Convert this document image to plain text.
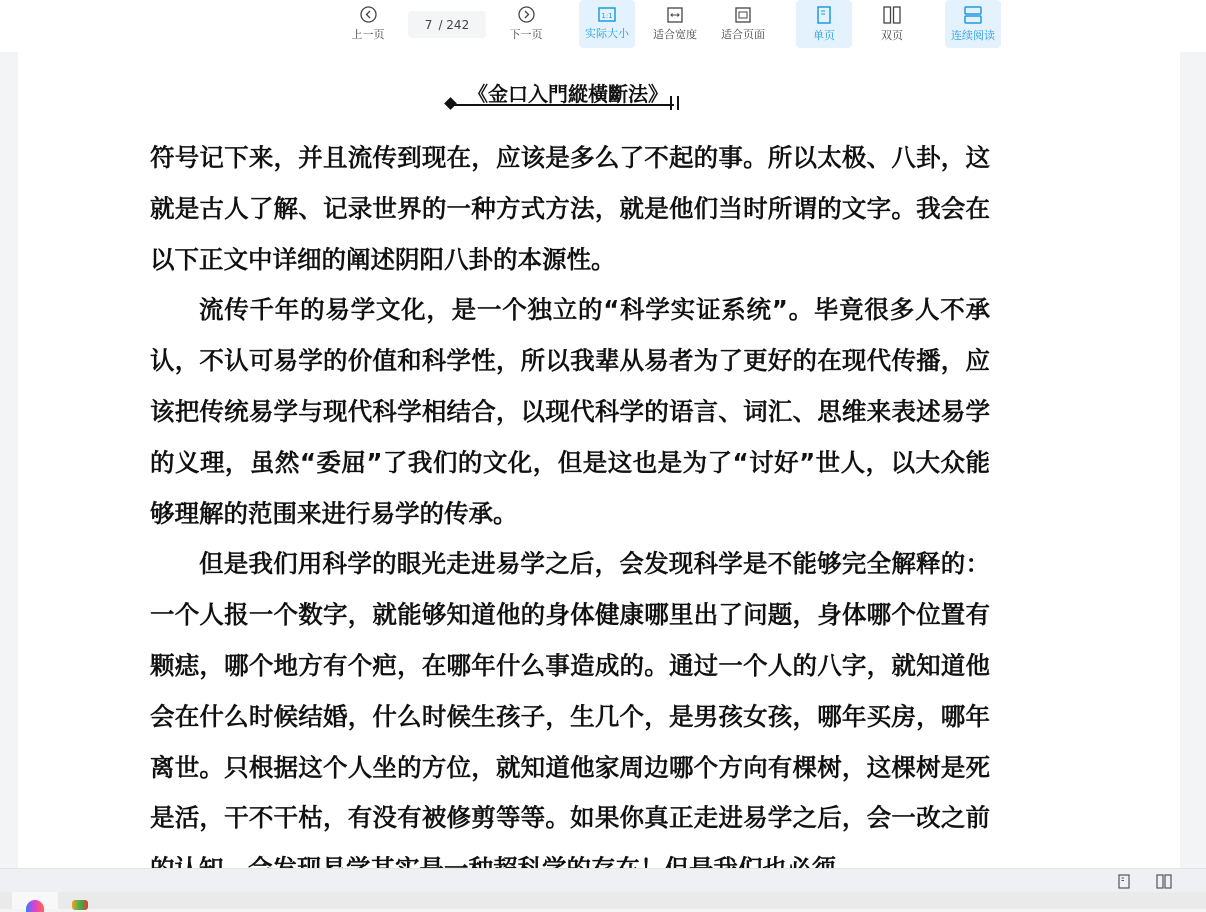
上一页
7 / 242
下一页
1:1
实际大小 适合宽度 适合页面	单页	双页	连续阅读
《金口入門縱橫斷法》

符号记下来，并且流传到现在，应该是多么了不起的事。所以太极、八卦，这就是古人了解、记录世界的一种方式方法，就是他们当时所谓的文字。我会在以下正文中详细的阐述阴阳八卦的本源性。

流传千年的易学文化，是一个独立的“科学实证系统”。毕竟很多人不承认，不认可易学的价值和科学性，所以我辈从易者为了更好的在现代传播，应该把传统易学与现代科学相结合，以现代科学的语言、词汇、思维来表述易学的义理，虽然“委屈”了我们的文化，但是这也是为了“讨好”世人，以大众能够理解的范围来进行易学的传承。

但是我们用科学的眼光走进易学之后，会发现科学是不能够完全解释的：一个人报一个数字，就能够知道他的身体健康哪里出了问题，身体哪个位置有颗痣，哪个地方有个疤，在哪年什么事造成的。通过一个人的八字，就知道他会在什么时候结婚，什么时候生孩子，生几个，是男孩女孩，哪年买房，哪年离世。只根据这个人坐的方位，就知道他家周边哪个方向有棵树，这棵树是死是活，干不干枯，有没有被修剪等等。如果你真正走进易学之后，会一改之前
